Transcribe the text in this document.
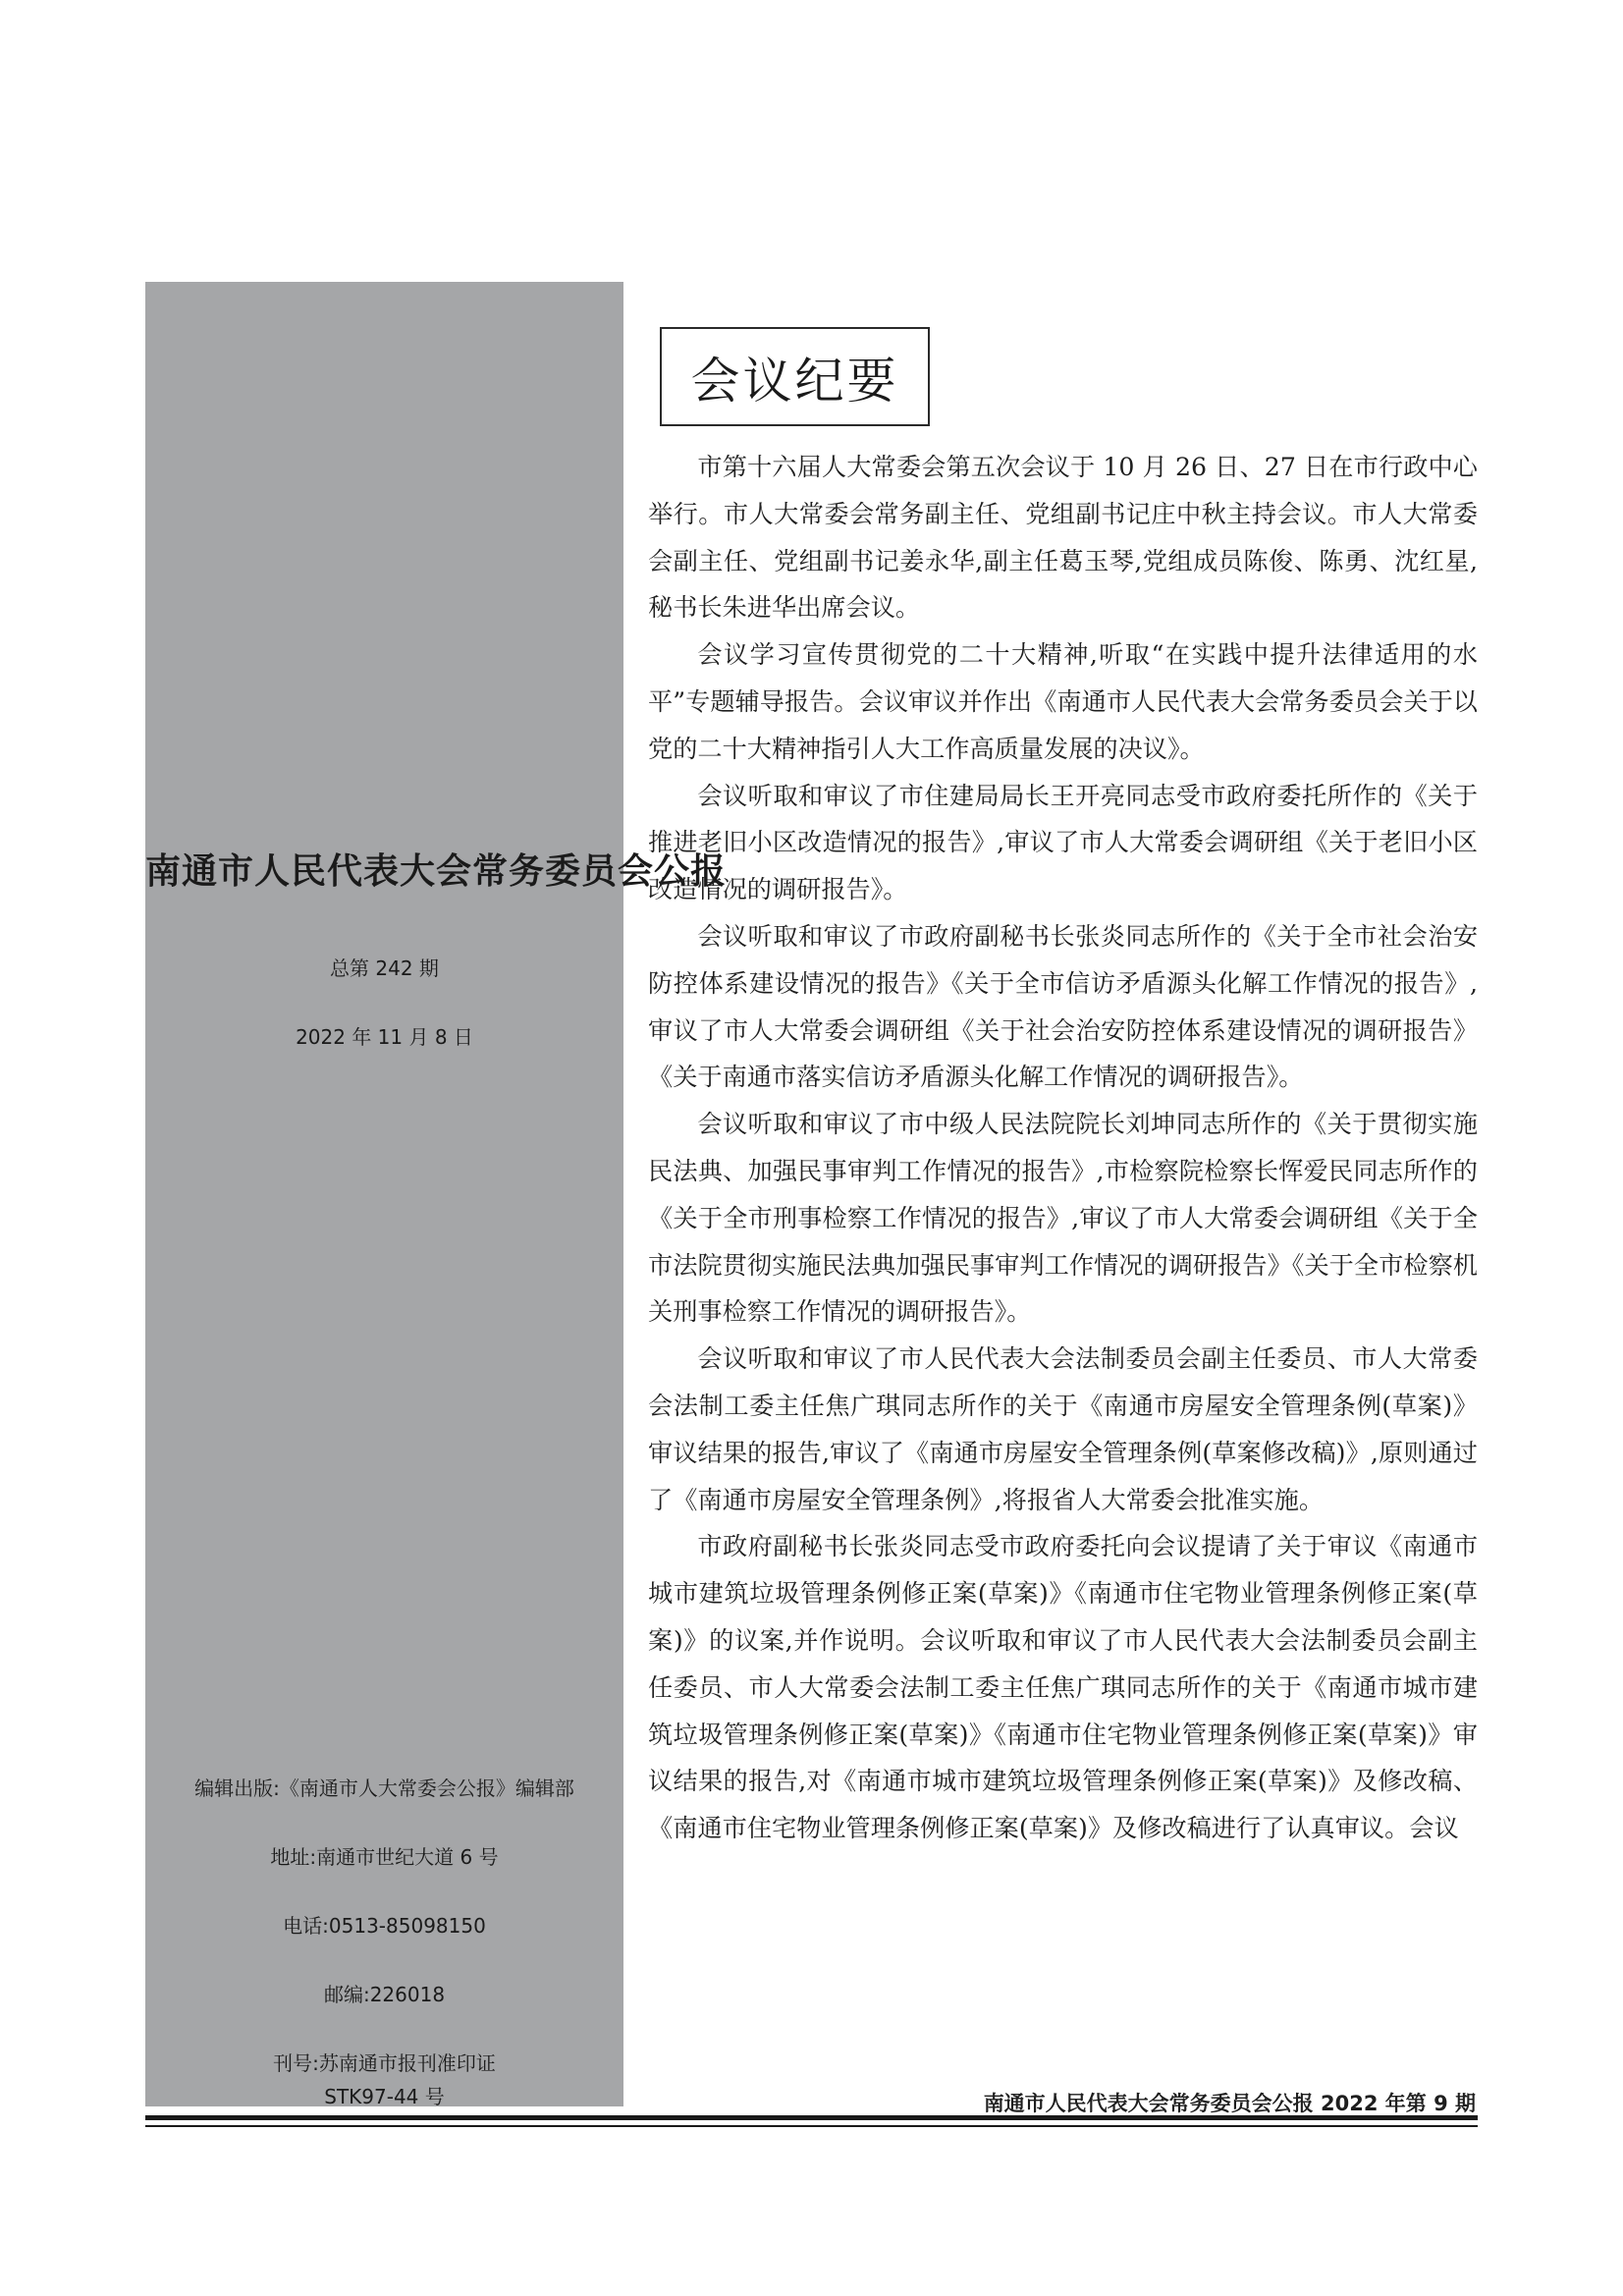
南通市人民代表大会常务委员会公报
总第 242 期
2022 年 11 月 8 日
编辑出版:《南通市人大常委会公报》编辑部
地址:南通市世纪大道 6 号
电话:0513-85098150
邮编:226018
刊号:苏南通市报刊准印证
STK97-44 号
会议纪要

市第十六届人大常委会第五次会议于 10 月 26 日、27 日在市行政中心举行。市人大常委会常务副主任、党组副书记庄中秋主持会议。市人大常委会副主任、党组副书记姜永华,副主任葛玉琴,党组成员陈俊、陈勇、沈红星,秘书长朱进华出席会议。

会议学习宣传贯彻党的二十大精神,听取“在实践中提升法律适用的水平”专题辅导报告。会议审议并作出《南通市人民代表大会常务委员会关于以党的二十大精神指引人大工作高质量发展的决议》。

会议听取和审议了市住建局局长王开亮同志受市政府委托所作的《关于推进老旧小区改造情况的报告》,审议了市人大常委会调研组《关于老旧小区改造情况的调研报告》。

会议听取和审议了市政府副秘书长张炎同志所作的《关于全市社会治安防控体系建设情况的报告》《关于全市信访矛盾源头化解工作情况的报告》,审议了市人大常委会调研组《关于社会治安防控体系建设情况的调研报告》《关于南通市落实信访矛盾源头化解工作情况的调研报告》。

会议听取和审议了市中级人民法院院长刘坤同志所作的《关于贯彻实施民法典、加强民事审判工作情况的报告》,市检察院检察长恽爱民同志所作的《关于全市刑事检察工作情况的报告》,审议了市人大常委会调研组《关于全市法院贯彻实施民法典加强民事审判工作情况的调研报告》《关于全市检察机关刑事检察工作情况的调研报告》。

会议听取和审议了市人民代表大会法制委员会副主任委员、市人大常委会法制工委主任焦广琪同志所作的关于《南通市房屋安全管理条例(草案)》审议结果的报告,审议了《南通市房屋安全管理条例(草案修改稿)》,原则通过了《南通市房屋安全管理条例》,将报省人大常委会批准实施。

市政府副秘书长张炎同志受市政府委托向会议提请了关于审议《南通市城市建筑垃圾管理条例修正案(草案)》《南通市住宅物业管理条例修正案(草案)》的议案,并作说明。会议听取和审议了市人民代表大会法制委员会副主任委员、市人大常委会法制工委主任焦广琪同志所作的关于《南通市城市建筑垃圾管理条例修正案(草案)》《南通市住宅物业管理条例修正案(草案)》审议结果的报告,对《南通市城市建筑垃圾管理条例修正案(草案)》及修改稿、《南通市住宅物业管理条例修正案(草案)》及修改稿进行了认真审议。会议

南通市人民代表大会常务委员会公报 2022 年第 9 期
